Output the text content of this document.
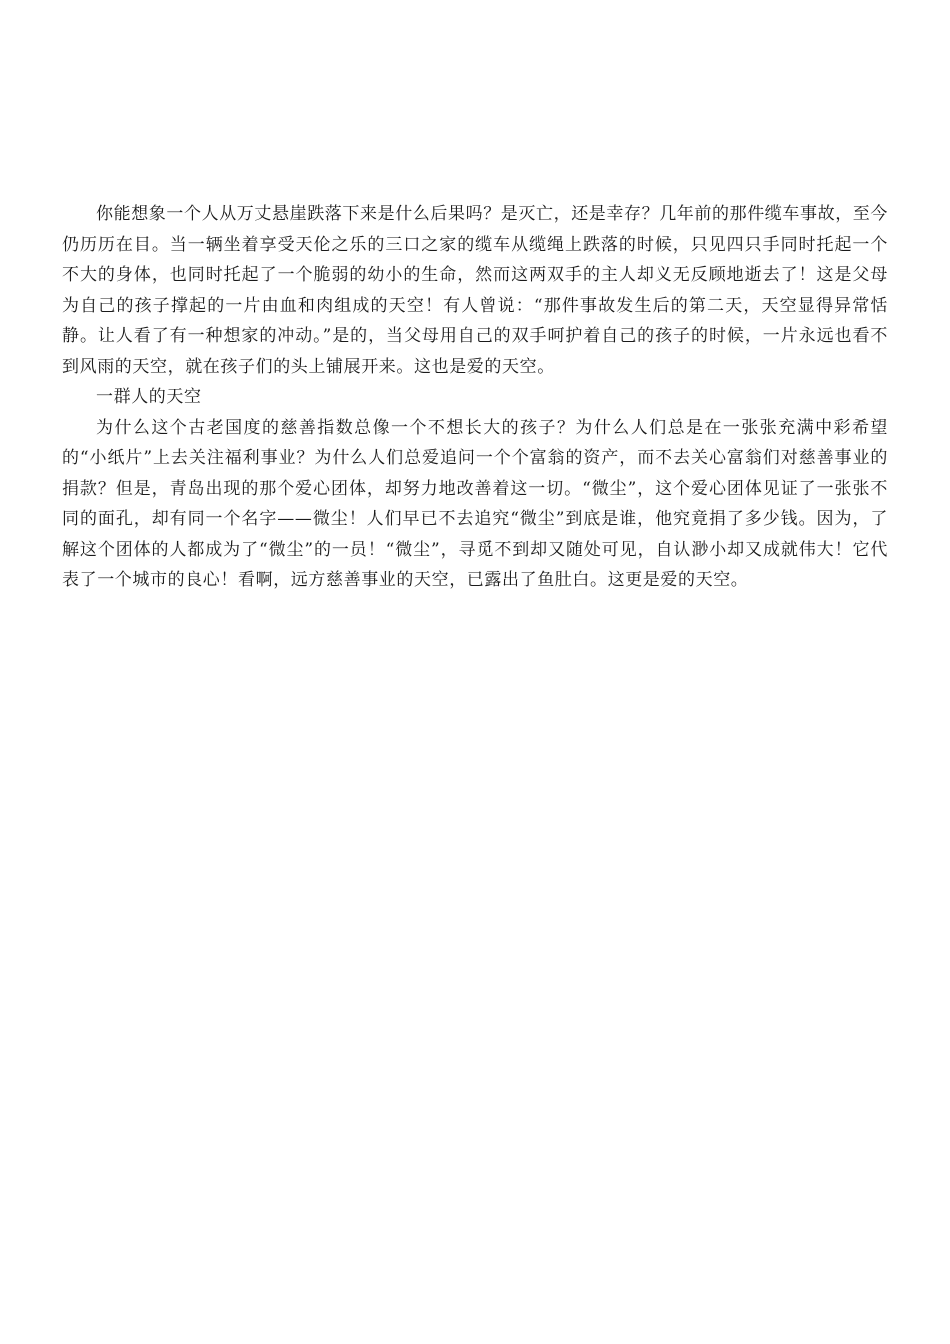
你能想象一个人从万丈悬崖跌落下来是什么后果吗？是灭亡，还是幸存？几年前的那件缆车事故，至今仍历历在目。当一辆坐着享受天伦之乐的三口之家的缆车从缆绳上跌落的时候，只见四只手同时托起一个不大的身体，也同时托起了一个脆弱的幼小的生命，然而这两双手的主人却义无反顾地逝去了！这是父母为自己的孩子撑起的一片由血和肉组成的天空！有人曾说：“那件事故发生后的第二天，天空显得异常恬静。让人看了有一种想家的冲动。”是的，当父母用自己的双手呵护着自己的孩子的时候，一片永远也看不到风雨的天空，就在孩子们的头上铺展开来。这也是爱的天空。

一群人的天空

为什么这个古老国度的慈善指数总像一个不想长大的孩子？为什么人们总是在一张张充满中彩希望的“小纸片”上去关注福利事业？为什么人们总爱追问一个个富翁的资产，而不去关心富翁们对慈善事业的捐款？但是，青岛出现的那个爱心团体，却努力地改善着这一切。“微尘”，这个爱心团体见证了一张张不同的面孔，却有同一个名字——微尘！人们早已不去追究“微尘”到底是谁，他究竟捐了多少钱。因为，了解这个团体的人都成为了“微尘”的一员！“微尘”，寻觅不到却又随处可见，自认渺小却又成就伟大！它代表了一个城市的良心！看啊，远方慈善事业的天空，已露出了鱼肚白。这更是爱的天空。
